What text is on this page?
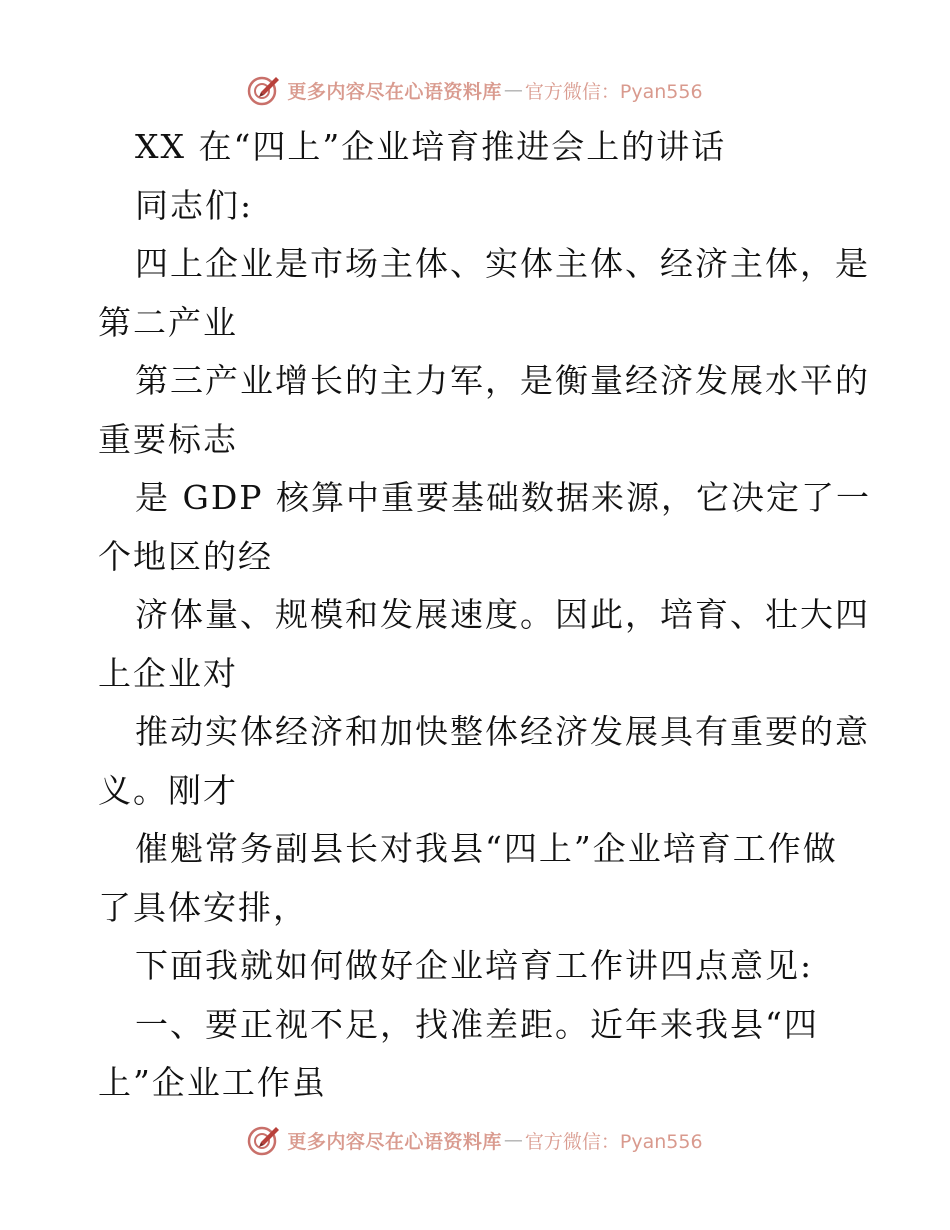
更多内容尽在心语资料库 — 官方微信：Pyan556
XX 在“四上”企业培育推进会上的讲话
同志们:
四上企业是市场主体、实体主体、经济主体，是
第二产业
第三产业增长的主力军，是衡量经济发展水平的
重要标志
是 GDP 核算中重要基础数据来源，它决定了一
个地区的经
济体量、规模和发展速度。因此，培育、壮大四
上企业对
推动实体经济和加快整体经济发展具有重要的意
义。刚才
催魁常务副县长对我县“四上”企业培育工作做
了具体安排，
下面我就如何做好企业培育工作讲四点意见:
一、要正视不足，找准差距。近年来我县“四
上”企业工作虽
更多内容尽在心语资料库 — 官方微信：Pyan556
